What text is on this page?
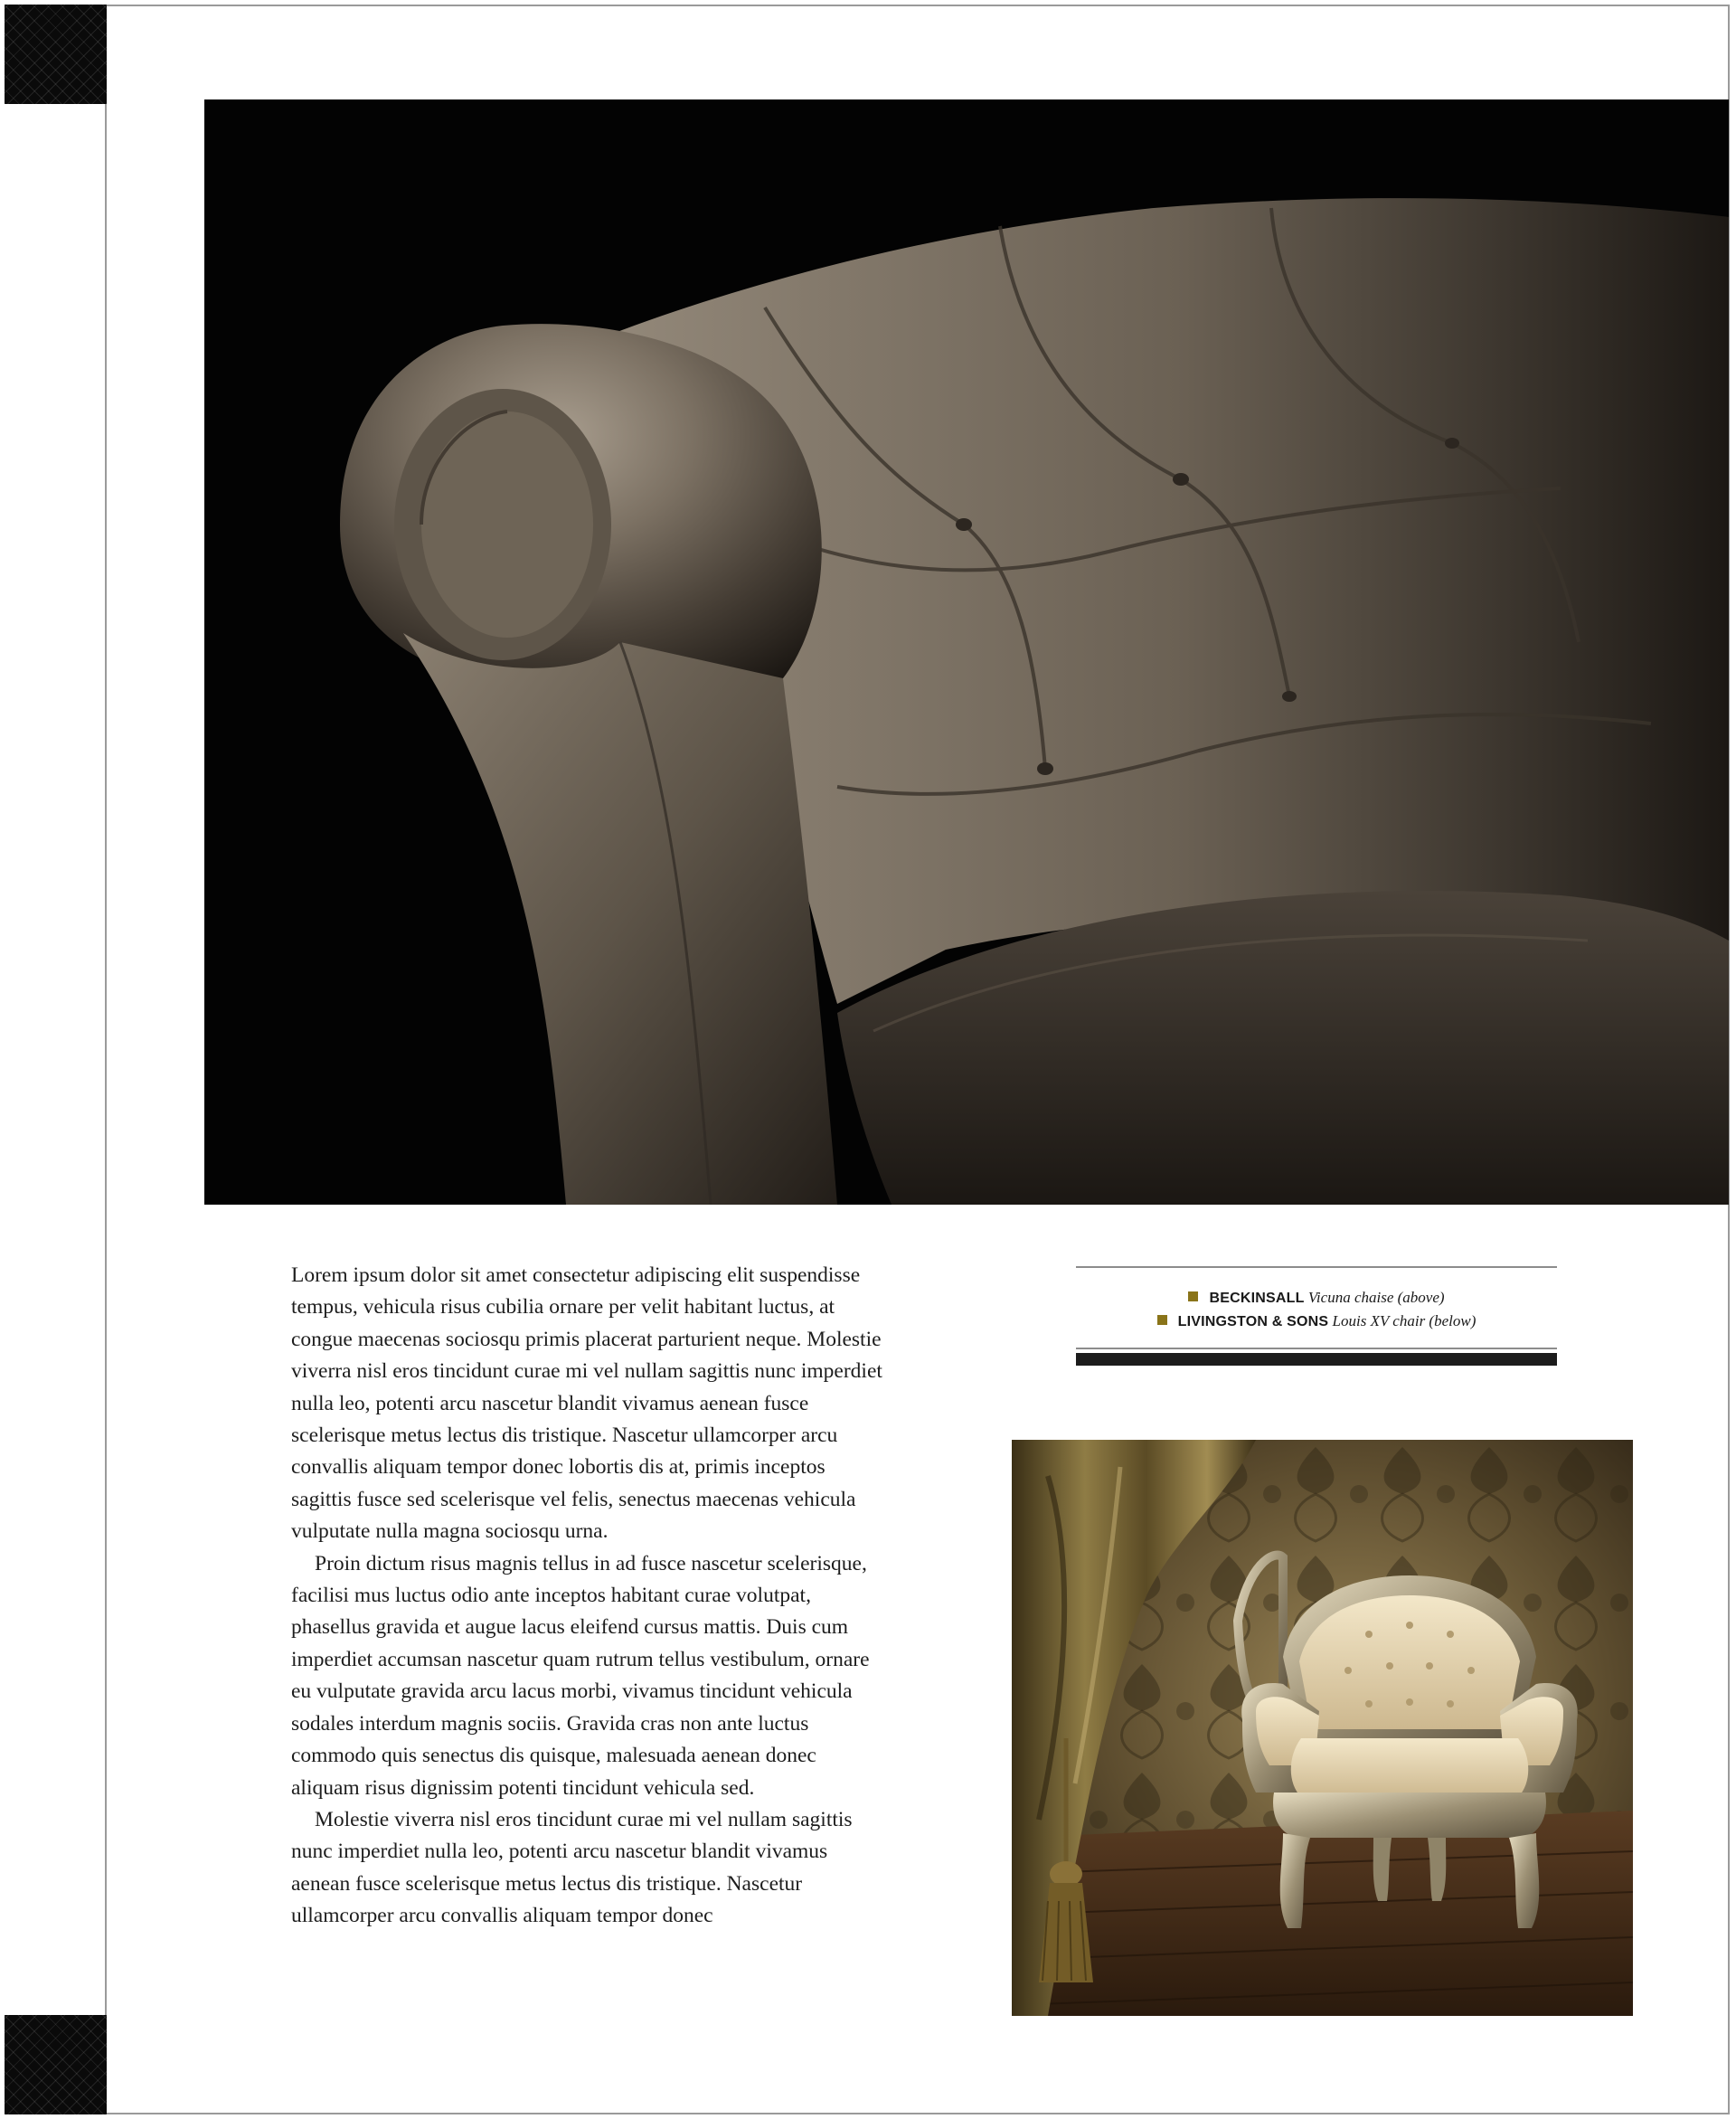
Lorem ipsum dolor sit amet consectetur adipiscing elit suspendisse tempus, vehicula risus cubilia ornare per velit habitant luctus, at congue maecenas sociosqu primis placerat parturient neque. Molestie viverra nisl eros tincidunt curae mi vel nullam sagittis nunc imperdiet nulla leo, potenti arcu nascetur blandit vivamus aenean fusce scelerisque metus lectus dis tristique. Nascetur ullamcorper arcu convallis aliquam tempor donec lobortis dis at, primis inceptos sagittis fusce sed scelerisque vel felis, senectus maecenas vehicula vulputate nulla magna sociosqu urna.

Proin dictum risus magnis tellus in ad fusce nascetur scelerisque, facilisi mus luctus odio ante inceptos habitant curae volutpat, phasellus gravida et augue lacus eleifend cursus mattis. Duis cum imperdiet accumsan nascetur quam rutrum tellus vestibulum, ornare eu vulputate gravida arcu lacus morbi, vivamus tincidunt vehicula sodales interdum magnis sociis. Gravida cras non ante luctus commodo quis senectus dis quisque, malesuada aenean donec aliquam risus dignissim potenti tincidunt vehicula sed.

Molestie viverra nisl eros tincidunt curae mi vel nullam sagittis nunc imperdiet nulla leo, potenti arcu nascetur blandit vivamus aenean fusce scelerisque metus lectus dis tristique. Nascetur ullamcorper arcu convallis aliquam tempor donec

BECKINSALL Vicuna chaise (above)
LIVINGSTON & SONS Louis XV chair (below)
